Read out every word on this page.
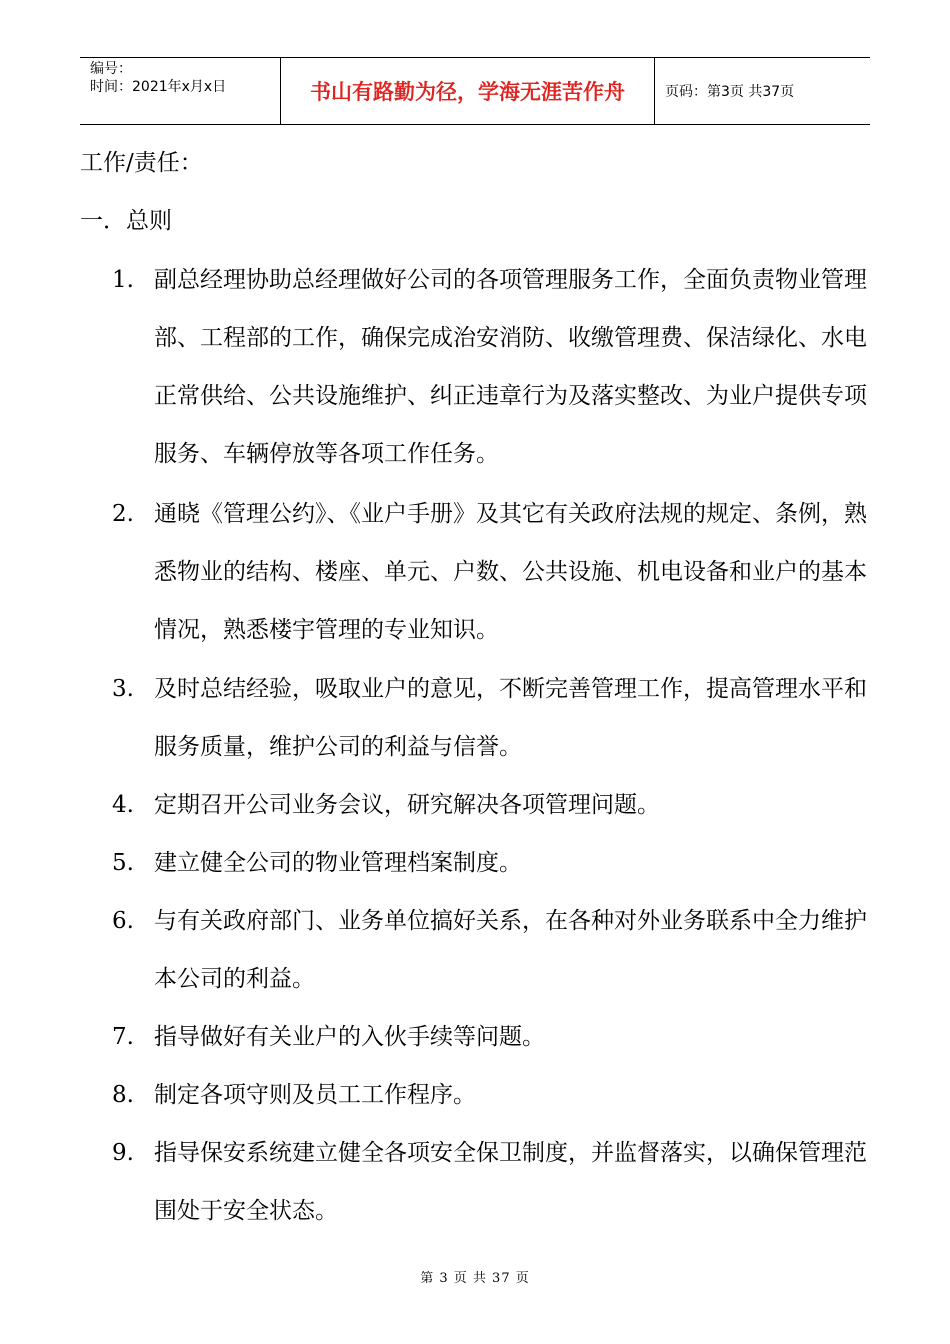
编号：
时间：2021年x月x日	书山有路勤为径，学海无涯苦作舟	页码：第3页 共37页
工作/责任：
一．总则
1. 副总经理协助总经理做好公司的各项管理服务工作，全面负责物业管理部、工程部的工作，确保完成治安消防、收缴管理费、保洁绿化、水电正常供给、公共设施维护、纠正违章行为及落实整改、为业户提供专项服务、车辆停放等各项工作任务。
2. 通晓《管理公约》、《业户手册》及其它有关政府法规的规定、条例，熟悉物业的结构、楼座、单元、户数、公共设施、机电设备和业户的基本情况，熟悉楼宇管理的专业知识。
3. 及时总结经验，吸取业户的意见，不断完善管理工作，提高管理水平和服务质量，维护公司的利益与信誉。
4. 定期召开公司业务会议，研究解决各项管理问题。
5. 建立健全公司的物业管理档案制度。
6. 与有关政府部门、业务单位搞好关系，在各种对外业务联系中全力维护本公司的利益。
7. 指导做好有关业户的入伙手续等问题。
8. 制定各项守则及员工工作程序。
9. 指导保安系统建立健全各项安全保卫制度，并监督落实，以确保管理范围处于安全状态。
第 3 页 共 37 页
